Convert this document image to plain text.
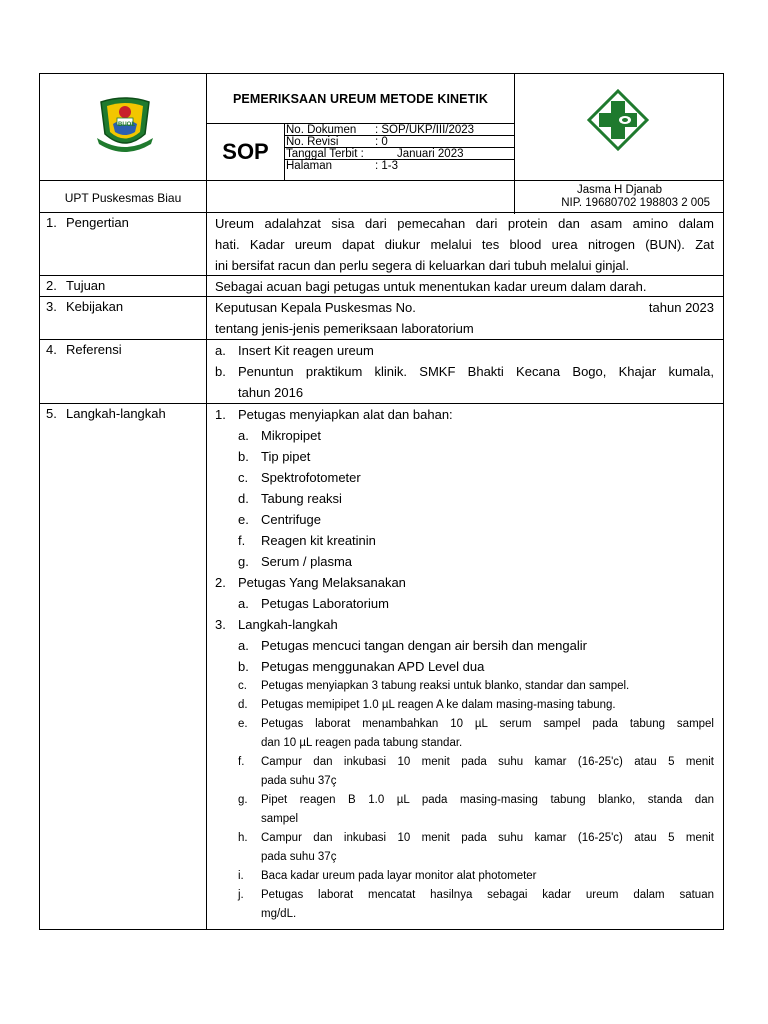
BUOL
PEMERIKSAAN UREUM METODE KINETIK
SOP
No. Dokumen : SOP/UKP/III/2023
No. Revisi	: 0
Tanggal Terbit :	Januari 2023
Halaman	: 1-3
UPT Puskesmas Biau
Jasma H Djanab
NIP. 19680702 198803 2 005
1. Pengertian	Ureum adalahzat sisa dari pemecahan dari protein dan asam amino dalam
hati. Kadar ureum dapat diukur melalui tes blood urea nitrogen (BUN). Zat
ini bersifat racun dan perlu segera di keluarkan dari tubuh melalui ginjal.
2. Tujuan	Sebagai acuan bagi petugas untuk menentukan kadar ureum dalam darah.
3. Kebijakan	Keputusan Kepala Puskesmas No.	tahun 2023
tentang jenis-jenis pemeriksaan laboratorium
4. Referensi	a. Insert Kit reagen ureum
b. Penuntun praktikum klinik. SMKF Bhakti Kecana Bogo, Khajar kumala,
tahun 2016
5. Langkah-langkah	1. Petugas menyiapkan alat dan bahan:
a. Mikropipet
b. Tip pipet
c. Spektrofotometer
d. Tabung reaksi
e. Centrifuge
f. Reagen kit kreatinin
g. Serum / plasma
2. Petugas Yang Melaksanakan
a. Petugas Laboratorium
3. Langkah-langkah
a. Petugas mencuci tangan dengan air bersih dan mengalir
b. Petugas menggunakan APD Level dua
c. Petugas menyiapkan 3 tabung reaksi untuk blanko, standar dan sampel.
d. Petugas memipipet 1.0 µL reagen A ke dalam masing-masing tabung.
e. Petugas laborat menambahkan 10 µL serum sampel pada tabung sampel
dan 10 µL reagen pada tabung standar.
f. Campur dan inkubasi 10 menit pada suhu kamar (16-25'c) atau 5 menit
pada suhu 37ç
g. Pipet reagen B 1.0 µL pada masing-masing tabung blanko, standa dan
sampel
h. Campur dan inkubasi 10 menit pada suhu kamar (16-25'c) atau 5 menit
pada suhu 37ç
i. Baca kadar ureum pada layar monitor alat photometer
j. Petugas laborat mencatat hasilnya sebagai kadar ureum dalam satuan
mg/dL.
